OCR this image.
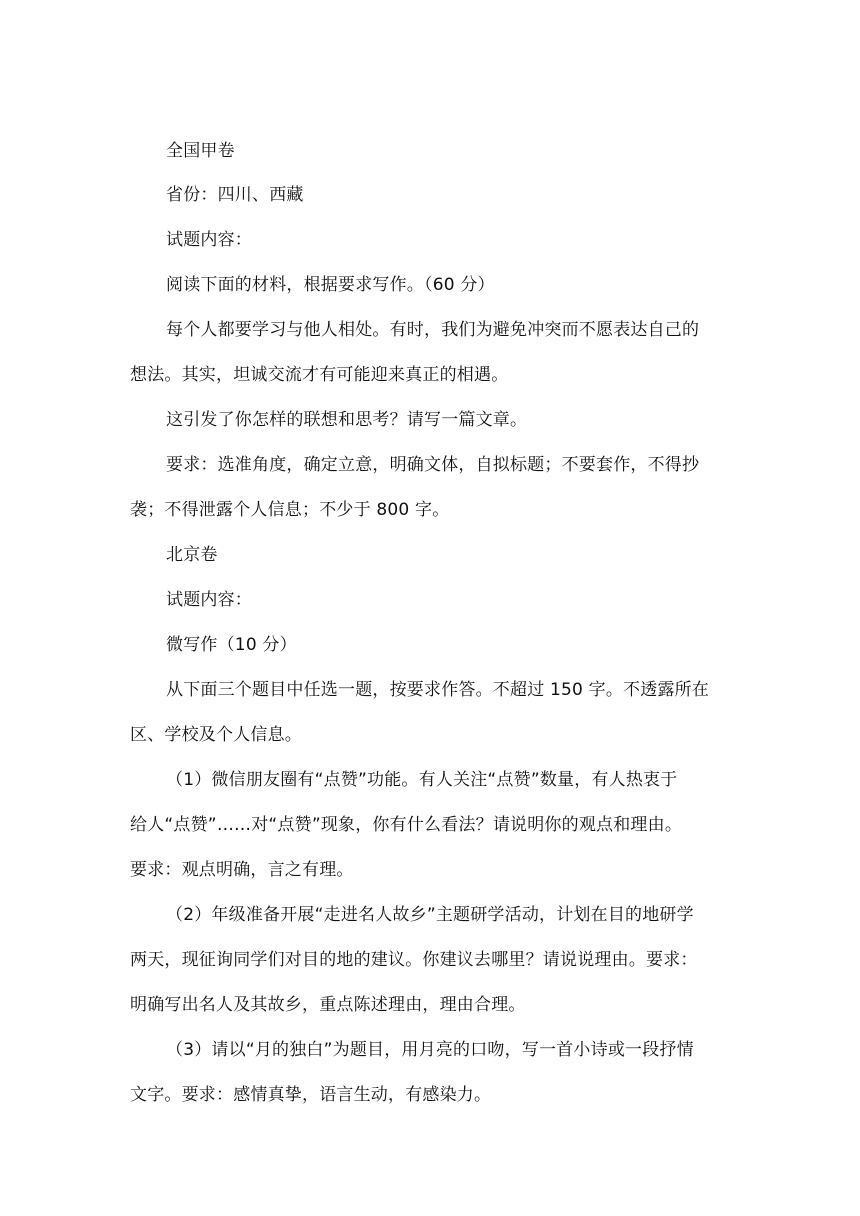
全国甲卷
省份：四川、西藏
试题内容：
阅读下面的材料，根据要求写作。（60 分）
每个人都要学习与他人相处。有时，我们为避免冲突而不愿表达自己的
想法。其实，坦诚交流才有可能迎来真正的相遇。
这引发了你怎样的联想和思考？请写一篇文章。
要求：选准角度，确定立意，明确文体，自拟标题；不要套作，不得抄
袭；不得泄露个人信息；不少于 800 字。
北京卷
试题内容：
微写作（10 分）
从下面三个题目中任选一题，按要求作答。不超过 150 字。不透露所在
区、学校及个人信息。
（1）微信朋友圈有“点赞”功能。有人关注“点赞”数量，有人热衷于
给人“点赞”……对“点赞”现象，你有什么看法？请说明你的观点和理由。
要求：观点明确，言之有理。
（2）年级准备开展“走进名人故乡”主题研学活动，计划在目的地研学
两天，现征询同学们对目的地的建议。你建议去哪里？请说说理由。要求：
明确写出名人及其故乡，重点陈述理由，理由合理。
（3）请以“月的独白”为题目，用月亮的口吻，写一首小诗或一段抒情
文字。要求：感情真挚，语言生动，有感染力。
